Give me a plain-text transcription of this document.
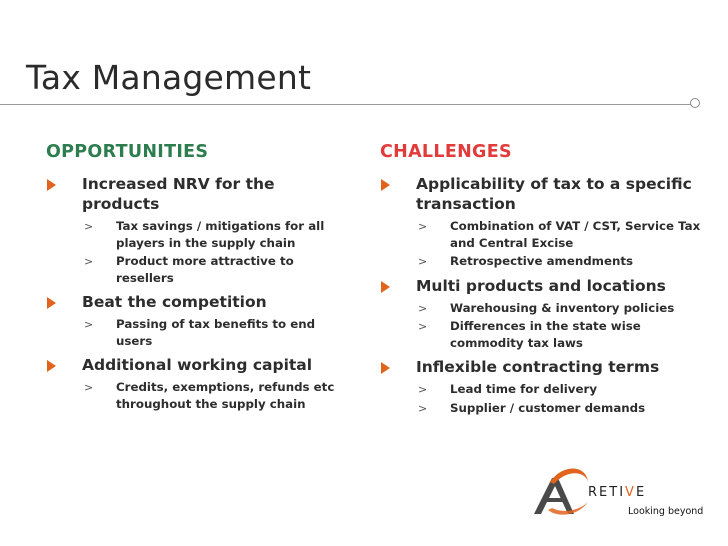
Tax Management
OPPORTUNITIES
Increased NRV for the products
> Tax savings / mitigations for all players in the supply chain
> Product more attractive to resellers
Beat the competition
> Passing of tax benefits to end users
Additional working capital
> Credits, exemptions, refunds etc throughout the supply chain
CHALLENGES
Applicability of tax to a specific transaction
> Combination of VAT / CST, Service Tax and Central Excise
> Retrospective amendments
Multi products and locations
> Warehousing & inventory policies
> Differences in the state wise commodity tax laws
Inflexible contracting terms
> Lead time for delivery
> Supplier / customer demands
RETIVE
Looking beyond
